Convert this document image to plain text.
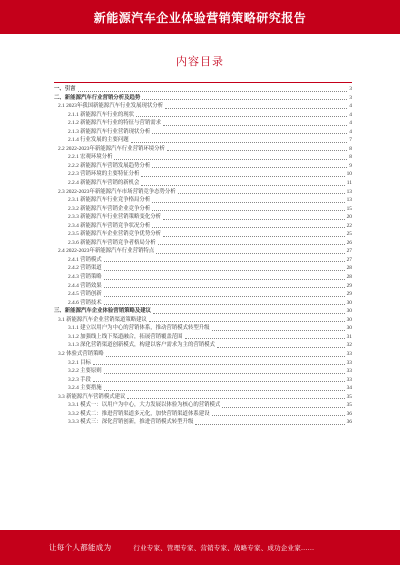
新能源汽车企业体验营销策略研究报告
内容目录
一、引言	3
二、新能源汽车行业营销分析及趋势	3
2.1 2023年我国新能源汽车行业发展现状分析	4
2.1.1 新能源汽车行业的现状	4
2.1.2 新能源汽车行业的特征与营销需求	4
2.1.3 新能源汽车行业营销现状分析	4
2.1.4 行业发展的主要问题	7
2.2 2022-2023年新能源汽车行业营销环境分析	8
2.2.1 宏观环境分析	8
2.2.2 新能源汽车营销发展趋势分析	9
2.2.3 营销环境的主要特征分析	10
2.2.4 新能源汽车营销的新机会	11
2.3 2022-2023年新能源汽车市场营销竞争态势分析	13
2.3.1 新能源汽车行业竞争格局分析	13
2.3.2 新能源汽车营销企业竞争分析	15
2.3.3 新能源汽车行业营销策略变化分析	20
2.3.4 新能源汽车营销竞争状况分析	22
2.3.5 新能源汽车企业营销竞争优势分析	25
2.3.6 新能源汽车营销竞争者格局分析	26
2.4 2022-2023年新能源汽车行业营销特点	27
2.4.1 营销模式	27
2.4.2 营销渠道	28
2.4.3 营销策略	28
2.4.4 营销效果	29
2.4.5 营销创新	29
2.4.6 营销技术	30
三、新能源汽车企业体验营销策略及建议	30
3.1 新能源汽车企业营销渠道策略建议	30
3.1.1 建立以用户为中心的营销体系，推动营销模式转型升级	30
3.1.2 加强线上线下渠道融合，拓展营销覆盖范围	31
3.1.3 深化营销渠道创新模式，构建以客户需求为主的营销模式	32
3.2 体验式营销策略	33
3.2.1 目标	33
3.2.2 主要原则	33
3.2.3 手段	33
3.2.4 主要措施	34
3.3 新能源汽车营销模式建议	35
3.3.1 模式一：以用户为中心，大力发展以体验为核心的营销模式	35
3.3.2 模式二：推进营销渠道多元化，加快营销渠道体系建设	36
3.3.3 模式三：深化营销创新，推进营销模式转型升级	36
让每个人都能成为	行业专家、管理专家、营销专家、战略专家、成功企业家……
